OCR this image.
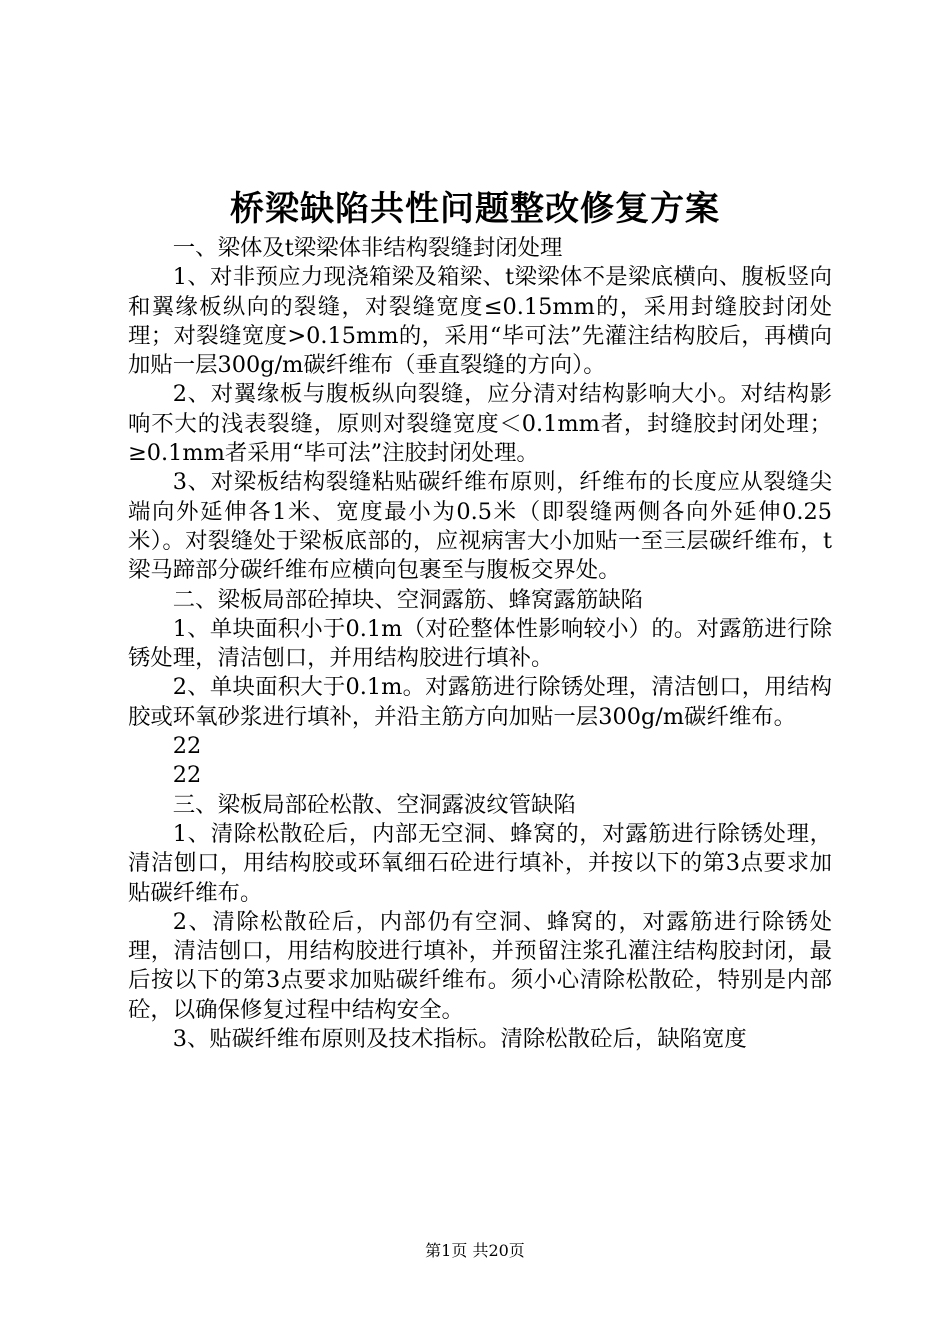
桥梁缺陷共性问题整改修复方案

一、梁体及t梁梁体非结构裂缝封闭处理

1、对非预应力现浇箱梁及箱梁、t梁梁体不是梁底横向、腹板竖向和翼缘板纵向的裂缝，对裂缝宽度≤0.15mm的，采用封缝胶封闭处理；对裂缝宽度>0.15mm的，采用“毕可法”先灌注结构胶后，再横向加贴一层300g/m碳纤维布（垂直裂缝的方向）。

2、对翼缘板与腹板纵向裂缝，应分清对结构影响大小。对结构影响不大的浅表裂缝，原则对裂缝宽度＜0.1mm者，封缝胶封闭处理；≥0.1mm者采用“毕可法”注胶封闭处理。

3、对梁板结构裂缝粘贴碳纤维布原则，纤维布的长度应从裂缝尖端向外延伸各1米、宽度最小为0.5米（即裂缝两侧各向外延伸0.25米）。对裂缝处于梁板底部的，应视病害大小加贴一至三层碳纤维布，t梁马蹄部分碳纤维布应横向包裹至与腹板交界处。

二、梁板局部砼掉块、空洞露筋、蜂窝露筋缺陷

1、单块面积小于0.1m（对砼整体性影响较小）的。对露筋进行除锈处理，清洁刨口，并用结构胶进行填补。

2、单块面积大于0.1m。对露筋进行除锈处理，清洁刨口，用结构胶或环氧砂浆进行填补，并沿主筋方向加贴一层300g/m碳纤维布。

22

22

三、梁板局部砼松散、空洞露波纹管缺陷

1、清除松散砼后，内部无空洞、蜂窝的，对露筋进行除锈处理，清洁刨口，用结构胶或环氧细石砼进行填补，并按以下的第3点要求加贴碳纤维布。

2、清除松散砼后，内部仍有空洞、蜂窝的，对露筋进行除锈处理，清洁刨口，用结构胶进行填补，并预留注浆孔灌注结构胶封闭，最后按以下的第3点要求加贴碳纤维布。须小心清除松散砼，特别是内部砼，以确保修复过程中结构安全。

3、贴碳纤维布原则及技术指标。清除松散砼后，缺陷宽度

第1页 共20页
